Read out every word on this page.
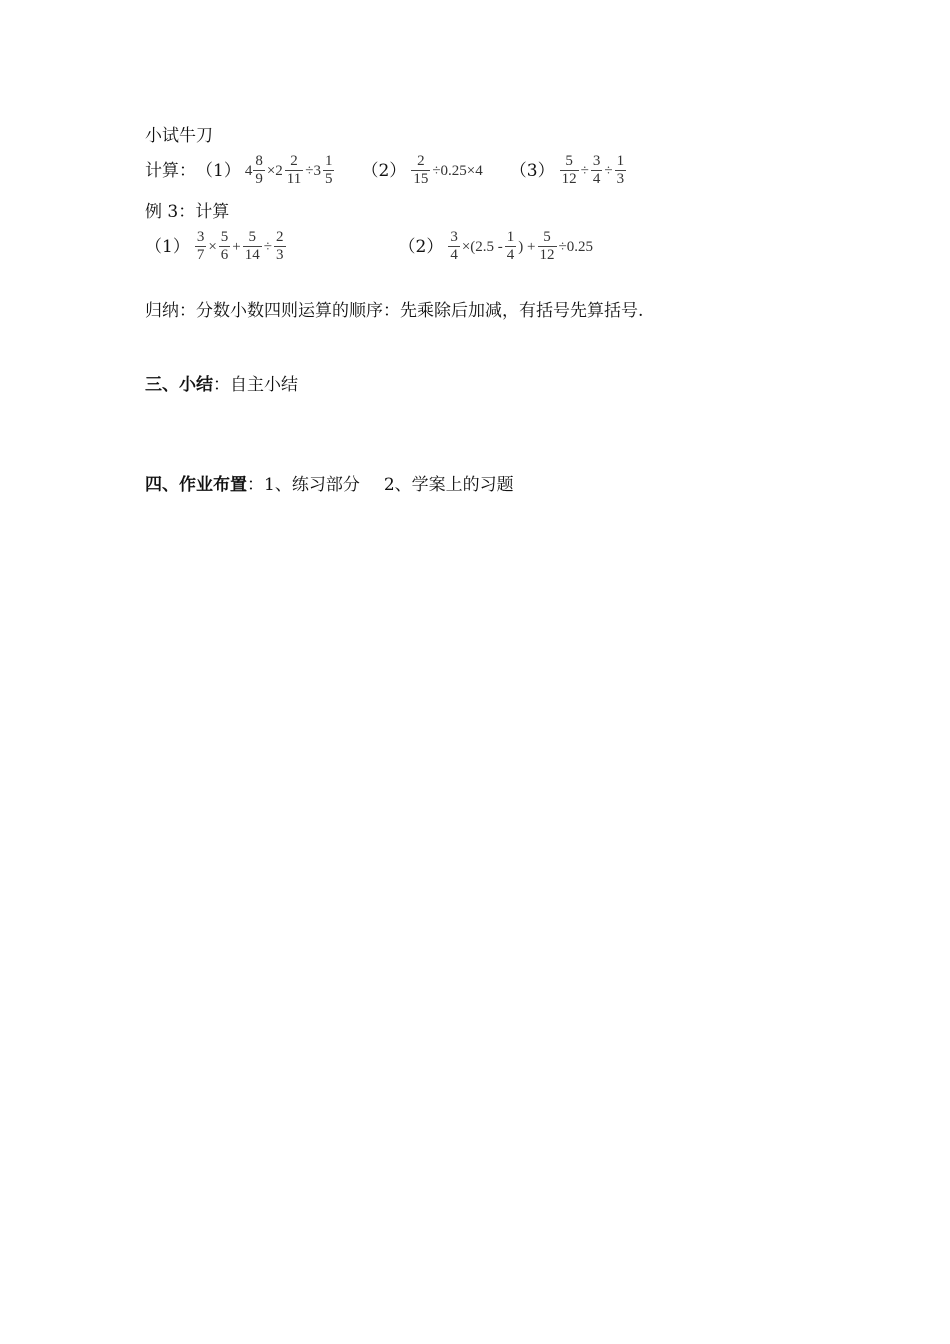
小试牛刀
计算： （1） $4 \frac{8}{9} \times 2 \frac{2}{11} \div 3 \frac{1}{5} (2) \frac{2}{15} \div 0.25\times 4$ $(3) \frac{5}{12} \div \frac{3}{4} \div \frac{1}{3}$
例 3：计算
$(1) \frac{3}{7} \times \frac{5}{6} + \frac{5}{14} \div \frac{2}{3}$	$(2) \frac{3}{4} \times(2.5 - \frac{1}{4}$ ) + $\frac{5}{12} \div 0.25$
归纳：分数小数四则运算的顺序：先乘除后加减，有括号先算括号.
三、小结 ： 自主小结
四、作业布置 ： 1、练习部分 2、学案上的习题
